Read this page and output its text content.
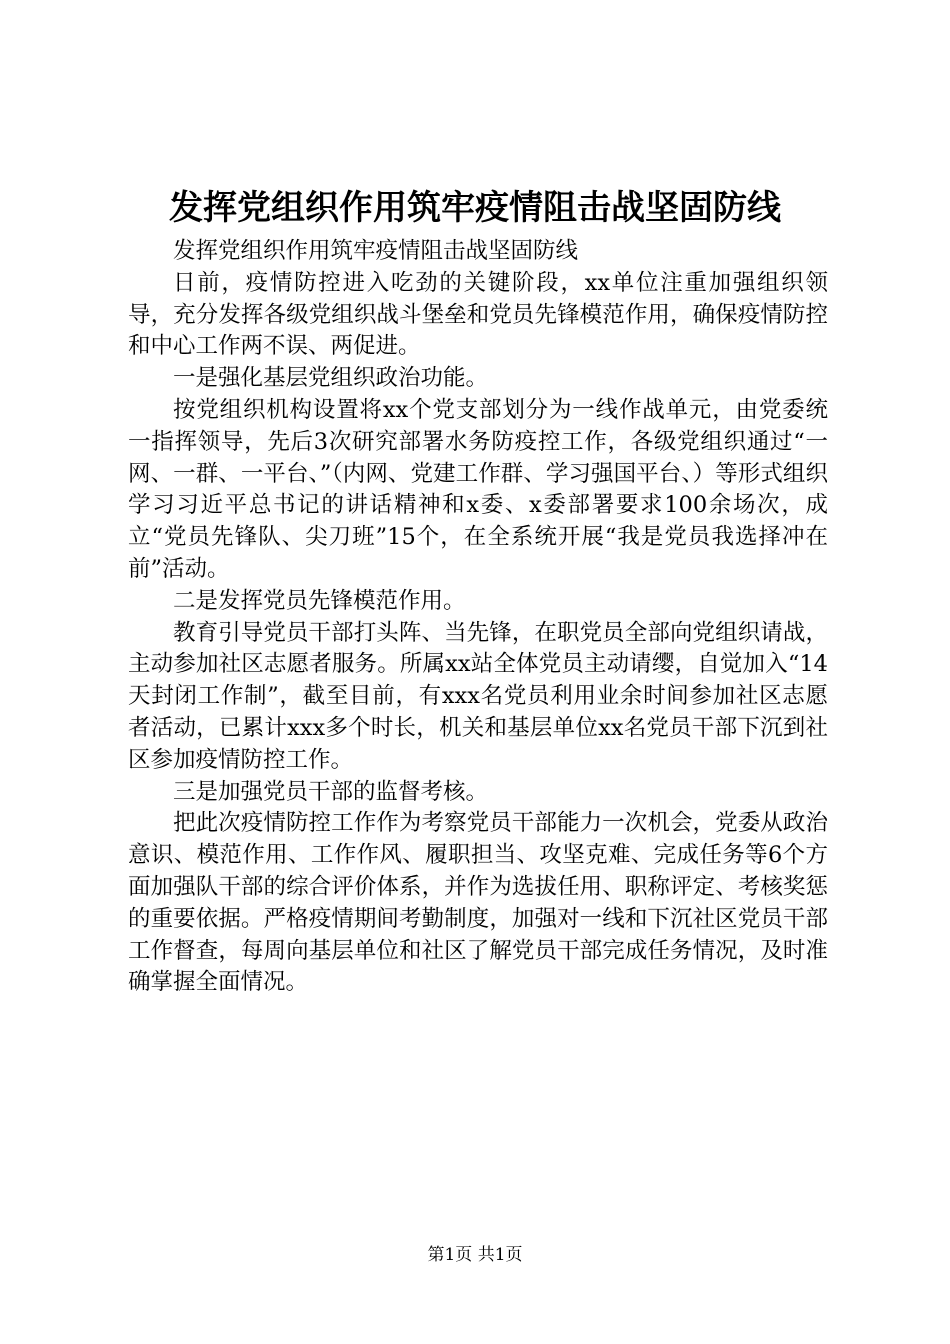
发挥党组织作用筑牢疫情阻击战坚固防线

发挥党组织作用筑牢疫情阻击战坚固防线

日前，疫情防控进入吃劲的关键阶段，xx单位注重加强组织领导，充分发挥各级党组织战斗堡垒和党员先锋模范作用，确保疫情防控和中心工作两不误、两促进。

一是强化基层党组织政治功能。

按党组织机构设置将xx个党支部划分为一线作战单元，由党委统一指挥领导，先后3次研究部署水务防疫控工作，各级党组织通过“一网、一群、一平台、”（内网、党建工作群、学习强国平台、）等形式组织学习习近平总书记的讲话精神和x委、x委部署要求100余场次，成立“党员先锋队、尖刀班”15个，在全系统开展“我是党员我选择冲在前”活动。

二是发挥党员先锋模范作用。

教育引导党员干部打头阵、当先锋，在职党员全部向党组织请战，主动参加社区志愿者服务。所属xx站全体党员主动请缨，自觉加入“14天封闭工作制”，截至目前，有xxx名党员利用业余时间参加社区志愿者活动，已累计xxx多个时长，机关和基层单位xx名党员干部下沉到社区参加疫情防控工作。

三是加强党员干部的监督考核。

把此次疫情防控工作作为考察党员干部能力一次机会，党委从政治意识、模范作用、工作作风、履职担当、攻坚克难、完成任务等6个方面加强队干部的综合评价体系，并作为选拔任用、职称评定、考核奖惩的重要依据。严格疫情期间考勤制度，加强对一线和下沉社区党员干部工作督查，每周向基层单位和社区了解党员干部完成任务情况，及时准确掌握全面情况。

第1页 共1页
